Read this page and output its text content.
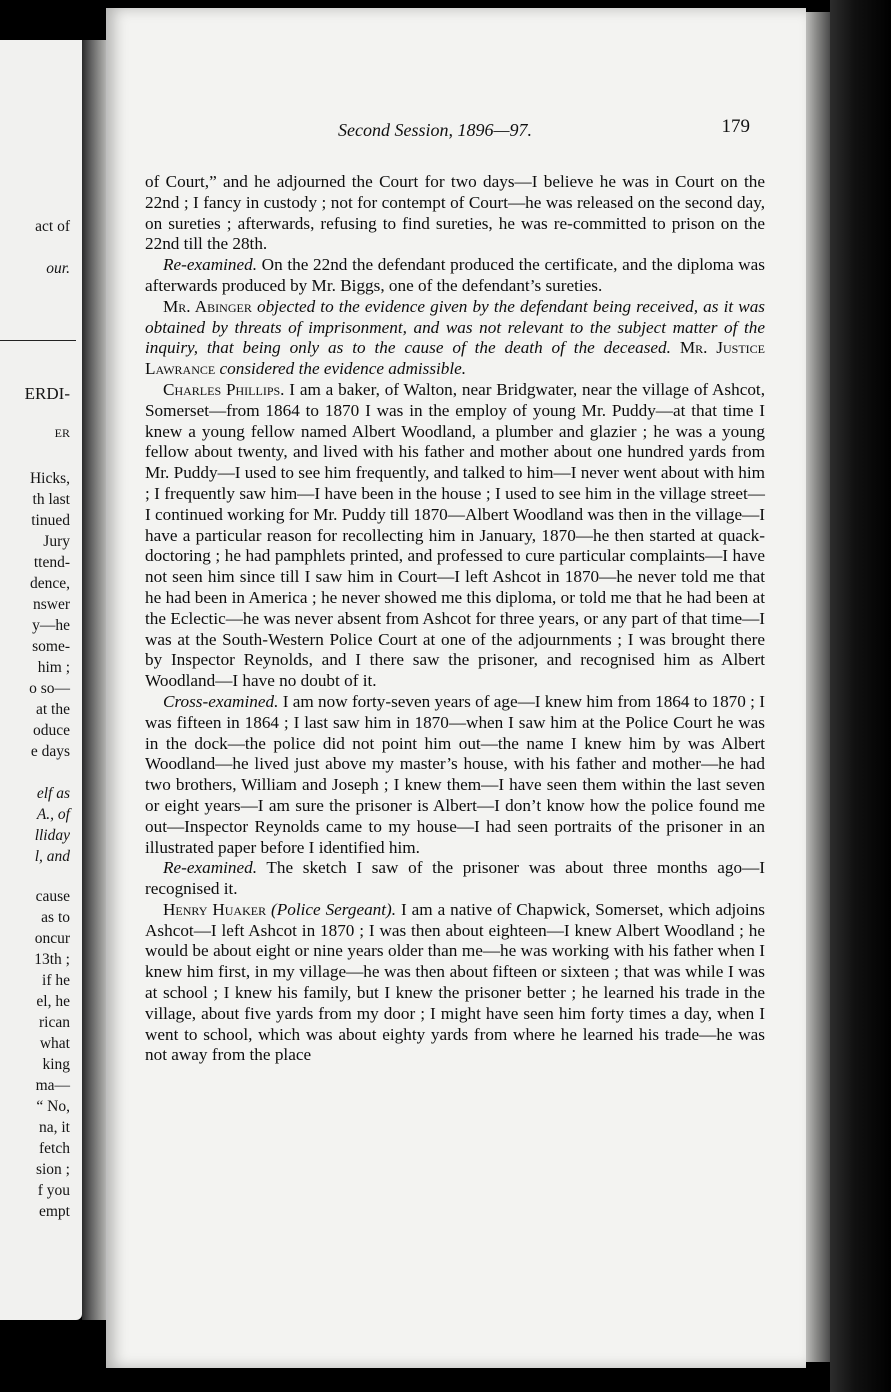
act of
our.
ERDI-
ER
Hicks,
th last
tinued
Jury
ttend-
dence,
nswer
y—he
some-
him ;
o so—
at the
oduce
e days
elf as
A., of
lliday
l, and
cause
as to
oncur
13th ;
if he
el, he
rican
what
king
ma—
“ No,
na, it
fetch
sion ;
f you
empt
Second Session, 1896—97.	179

of Court,” and he adjourned the Court for two days—I believe he was in Court on the 22nd ; I fancy in custody ; not for contempt of Court—he was released on the second day, on sureties ; afterwards, refusing to find sureties, he was re-committed to prison on the 22nd till the 28th.

Re-examined. On the 22nd the defendant produced the certificate, and the diploma was afterwards produced by Mr. Biggs, one of the defendant’s sureties.

Mr. Abinger objected to the evidence given by the defendant being received, as it was obtained by threats of imprisonment, and was not relevant to the subject matter of the inquiry, that being only as to the cause of the death of the deceased. Mr. Justice Lawrance considered the evidence admissible.

Charles Phillips. I am a baker, of Walton, near Bridgwater, near the village of Ashcot, Somerset—from 1864 to 1870 I was in the employ of young Mr. Puddy—at that time I knew a young fellow named Albert Woodland, a plumber and glazier ; he was a young fellow about twenty, and lived with his father and mother about one hundred yards from Mr. Puddy—I used to see him frequently, and talked to him—I never went about with him ; I frequently saw him—I have been in the house ; I used to see him in the village street—I continued working for Mr. Puddy till 1870—Albert Woodland was then in the village—I have a particular reason for recollecting him in January, 1870—he then started at quack-doctoring ; he had pamphlets printed, and professed to cure particular complaints—I have not seen him since till I saw him in Court—I left Ashcot in 1870—he never told me that he had been in America ; he never showed me this diploma, or told me that he had been at the Eclectic—he was never absent from Ashcot for three years, or any part of that time—I was at the South-Western Police Court at one of the adjournments ; I was brought there by Inspector Reynolds, and I there saw the prisoner, and recognised him as Albert Woodland—I have no doubt of it.

Cross-examined. I am now forty-seven years of age—I knew him from 1864 to 1870 ; I was fifteen in 1864 ; I last saw him in 1870—when I saw him at the Police Court he was in the dock—the police did not point him out—the name I knew him by was Albert Woodland—he lived just above my master’s house, with his father and mother—he had two brothers, William and Joseph ; I knew them—I have seen them within the last seven or eight years—I am sure the prisoner is Albert—I don’t know how the police found me out—Inspector Reynolds came to my house—I had seen portraits of the prisoner in an illustrated paper before I identified him.

Re-examined. The sketch I saw of the prisoner was about three months ago—I recognised it.

Henry Huaker (Police Sergeant). I am a native of Chapwick, Somerset, which adjoins Ashcot—I left Ashcot in 1870 ; I was then about eighteen—I knew Albert Woodland ; he would be about eight or nine years older than me—he was working with his father when I knew him first, in my village—he was then about fifteen or sixteen ; that was while I was at school ; I knew his family, but I knew the prisoner better ; he learned his trade in the village, about five yards from my door ; I might have seen him forty times a day, when I went to school, which was about eighty yards from where he learned his trade—he was not away from the place
